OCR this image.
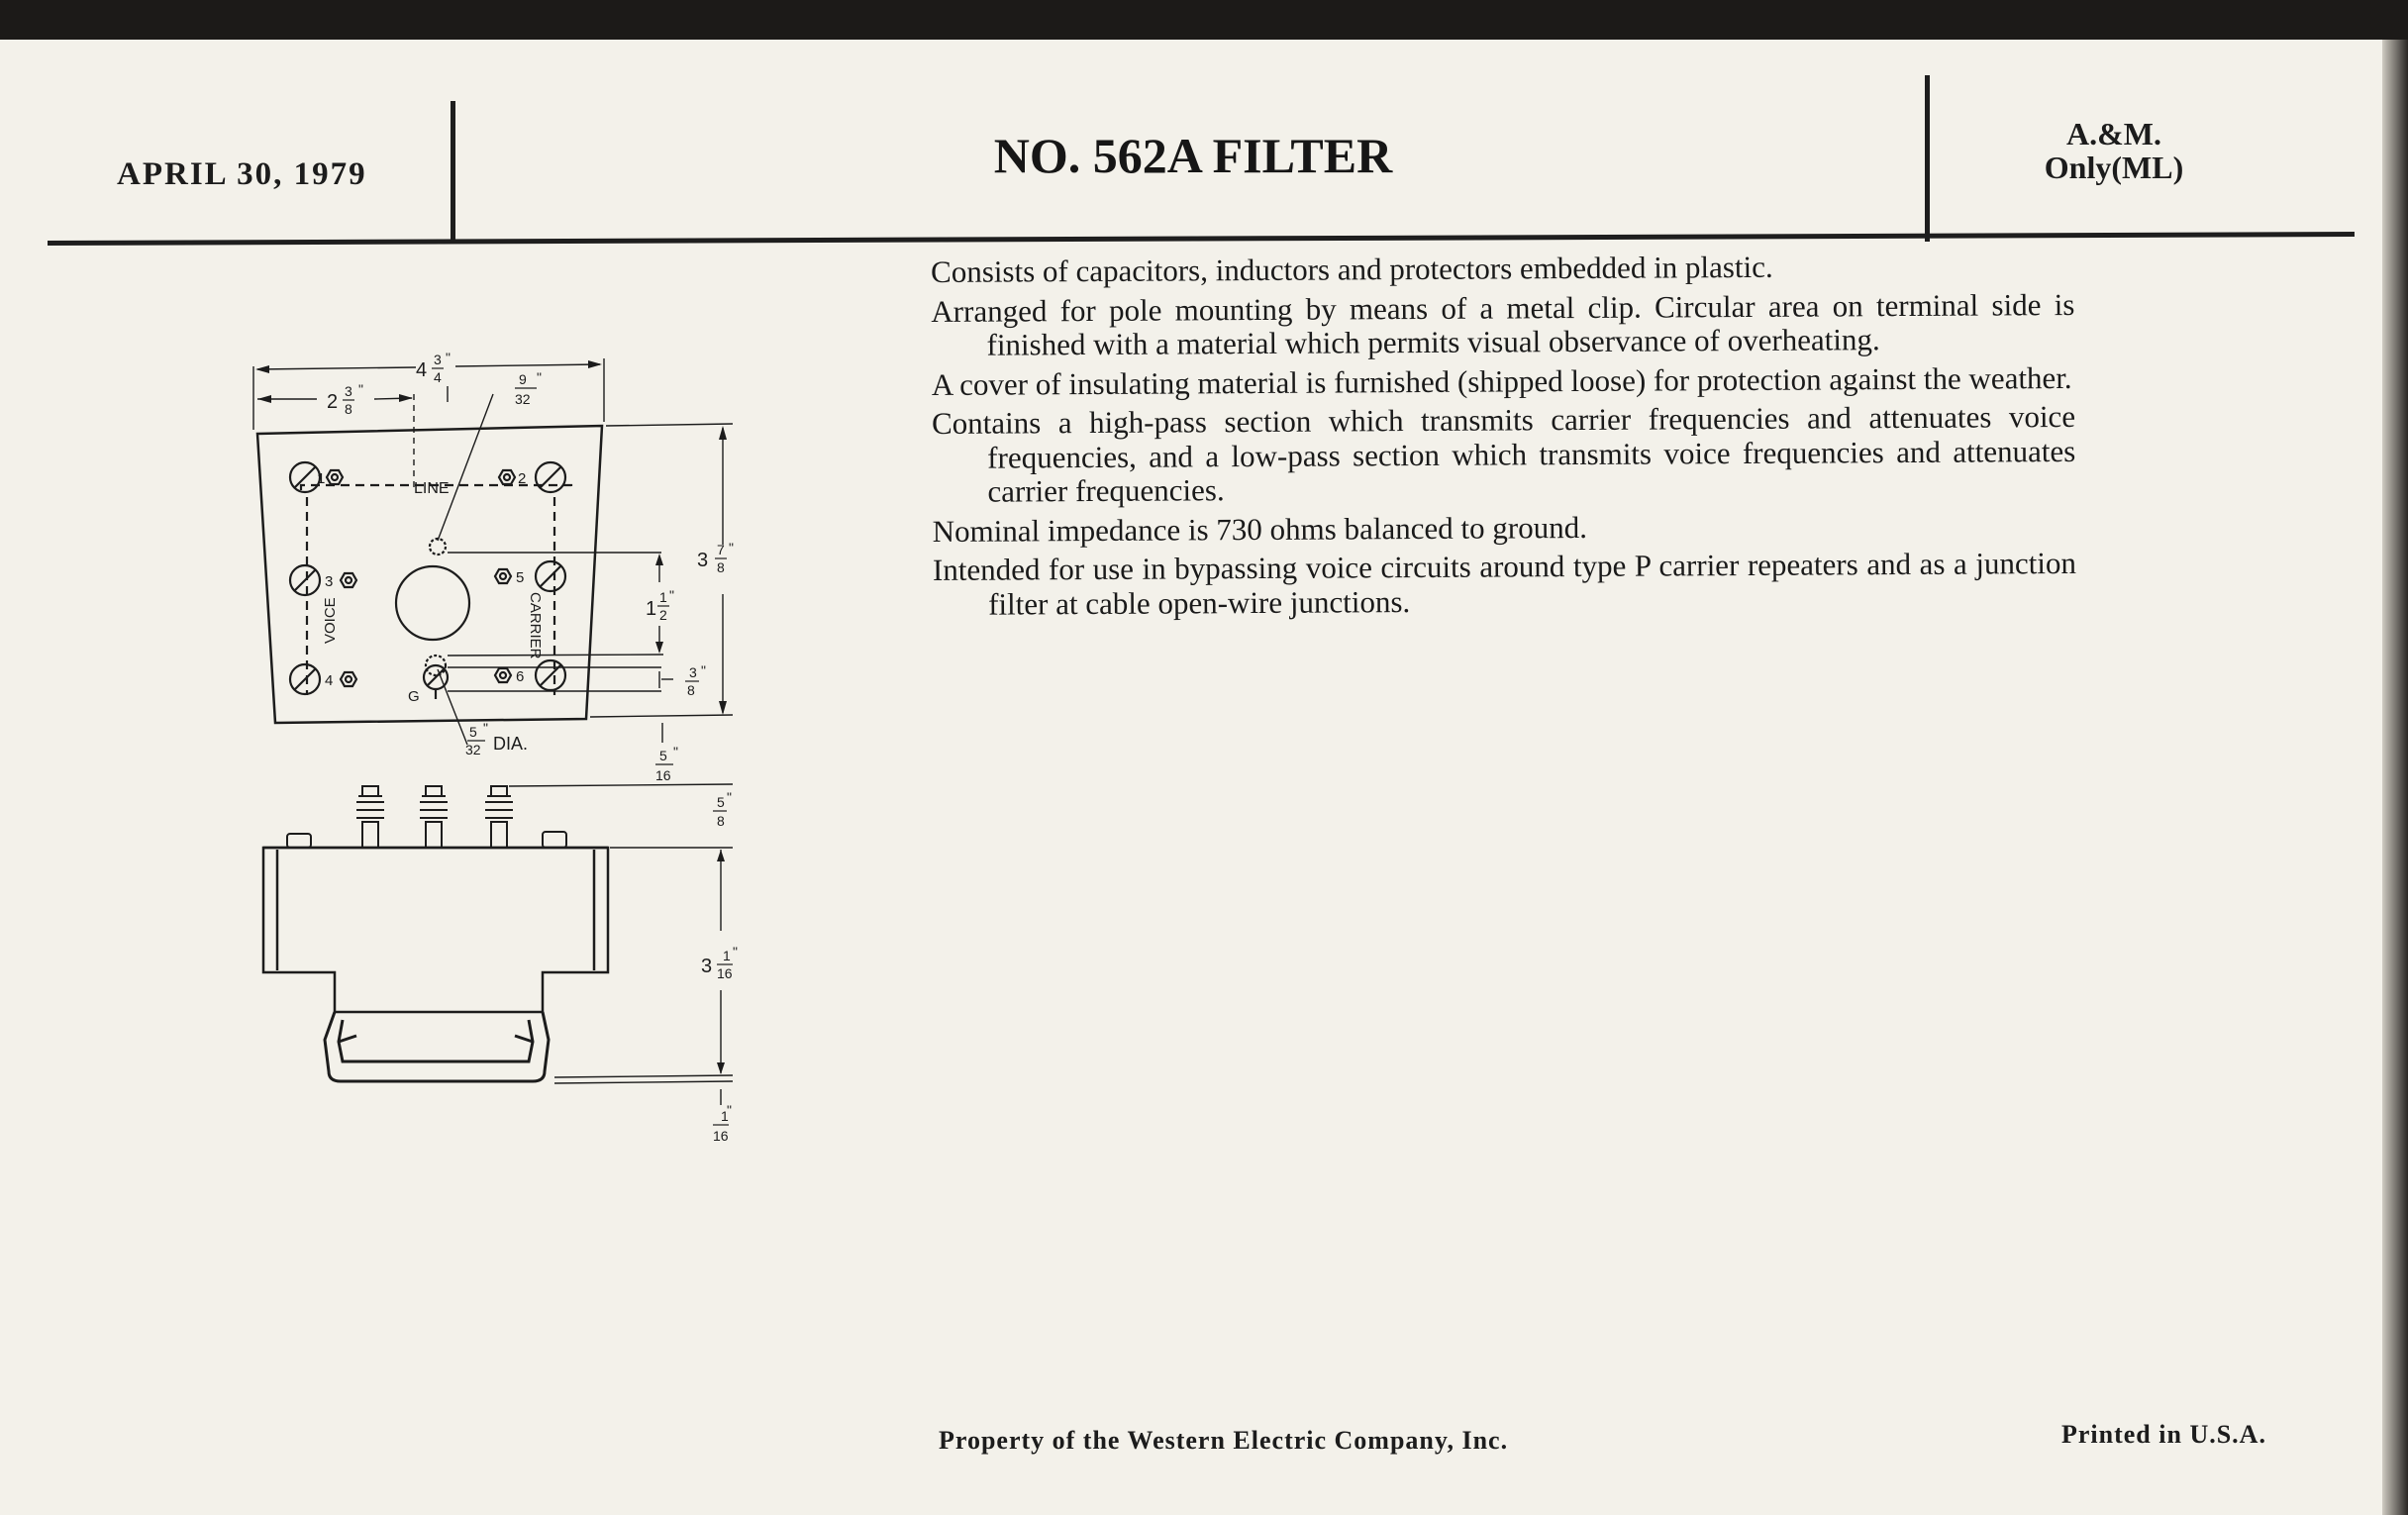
APRIL 30, 1979	NO. 562A FILTER	A.&M.
Only(ML)
LINE
VOICE	CARRIER
1	2
3	5
4	6
G
4 3
4
"
2 3
8
"
9
32
"
3 7
8
"
1
1
2
"
3
8
"
5
32
"
DIA.
5
16
"
5
8
"
3 1
16
"
1
16
"

Consists of capacitors, inductors and protectors embedded in plastic.

Arranged for pole mounting by means of a metal clip. Circular area on terminal side is finished with a material which permits visual observance of overheating.

A cover of insulating material is furnished (shipped loose) for protection against the weather.

Contains a high-pass section which transmits carrier frequencies and attenuates voice frequencies, and a low-pass section which transmits voice frequencies and attenuates carrier frequencies.

Nominal impedance is 730 ohms balanced to ground.

Intended for use in bypassing voice circuits around type P carrier repeaters and as a junction filter at cable open-wire junctions.

Property of the Western Electric Company, Inc.	Printed in U.S.A.
